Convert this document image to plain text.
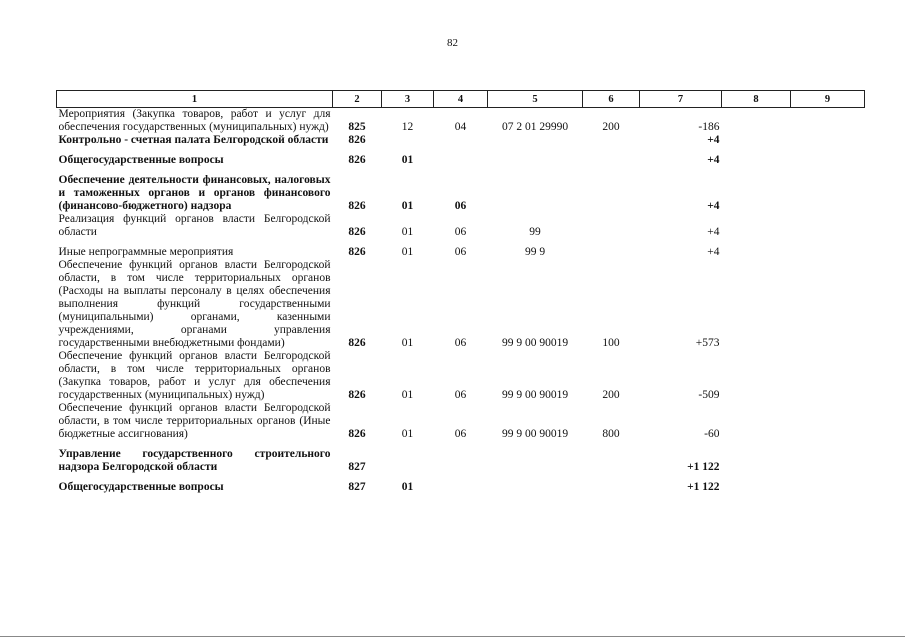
82
1	2	3	4	5	6	7	8	9
Мероприятия (Закупка товаров, работ и услуг для обеспечения государственных (муниципальных) нужд)	825	12	04	07 2 01 29990	200	-186		
Контрольно - счетная палата Белгородской области	826					+4		
Общегосударственные вопросы	826	01				+4		
Обеспечение деятельности финансовых, налоговых и таможенных органов и органов финансового (финансово-бюджетного) надзора	826	01	06			+4		
Реализация функций органов власти Белгородской области	826	01	06	99		+4		
Иные непрограммные мероприятия	826	01	06	99 9		+4		
Обеспечение функций органов власти Белгородской области, в том числе территориальных органов (Расходы на выплаты персоналу в целях обеспечения выполнения функций государственными (муниципальными) органами, казенными учреждениями, органами управления государственными внебюджетными фондами)	826	01	06	99 9 00 90019	100	+573		
Обеспечение функций органов власти Белгородской области, в том числе территориальных органов (Закупка товаров, работ и услуг для обеспечения государственных (муниципальных) нужд)	826	01	06	99 9 00 90019	200	-509		
Обеспечение функций органов власти Белгородской области, в том числе территориальных органов (Иные бюджетные ассигнования)	826	01	06	99 9 00 90019	800	-60		
Управление государственного строительного надзора Белгородской области	827					+1 122		
Общегосударственные вопросы	827	01				+1 122		
